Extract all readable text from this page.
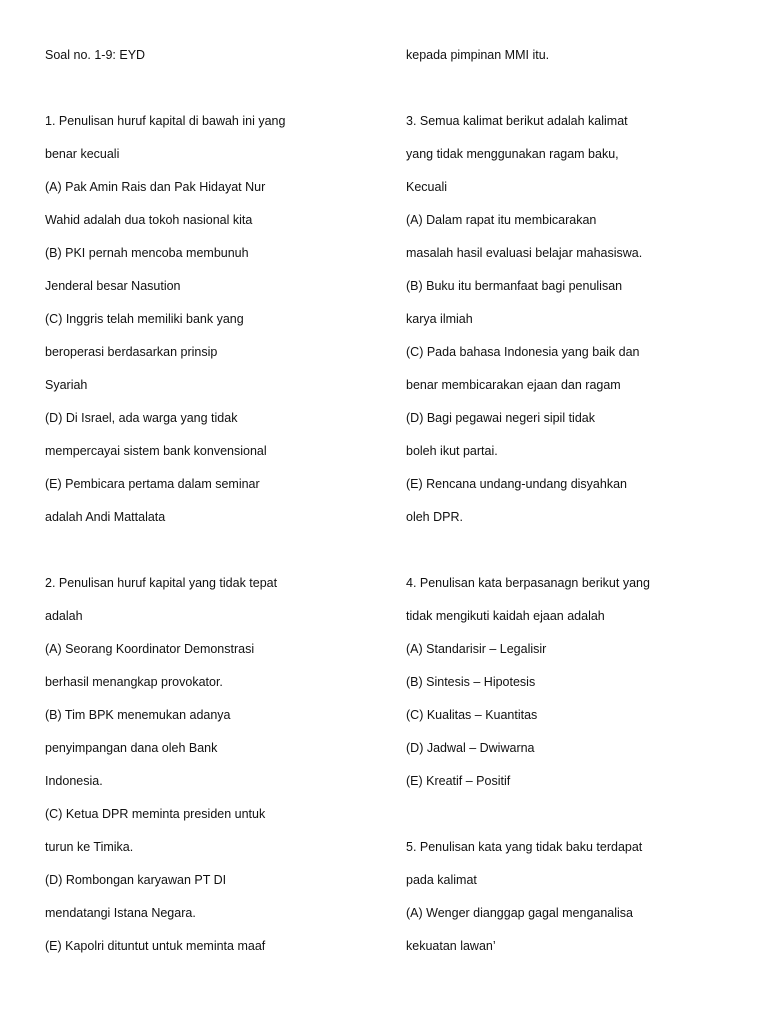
Soal no. 1-9: EYD
1. Penulisan huruf kapital di bawah ini yang
benar kecuali
(A) Pak Amin Rais dan Pak Hidayat Nur
Wahid adalah dua tokoh nasional kita
(B) PKI pernah mencoba membunuh
Jenderal besar Nasution
(C) Inggris telah memiliki bank yang
beroperasi berdasarkan prinsip
Syariah
(D) Di Israel, ada warga yang tidak
mempercayai sistem bank konvensional
(E) Pembicara pertama dalam seminar
adalah Andi Mattalata
2. Penulisan huruf kapital yang tidak tepat
adalah
(A) Seorang Koordinator Demonstrasi
berhasil menangkap provokator.
(B) Tim BPK menemukan adanya
penyimpangan dana oleh Bank
Indonesia.
(C) Ketua DPR meminta presiden untuk
turun ke Timika.
(D) Rombongan karyawan PT DI
mendatangi Istana Negara.
(E) Kapolri dituntut untuk meminta maaf
kepada pimpinan MMI itu.
3. Semua kalimat berikut adalah kalimat
yang tidak menggunakan ragam baku,
Kecuali
(A) Dalam rapat itu membicarakan
masalah hasil evaluasi belajar mahasiswa.
(B) Buku itu bermanfaat bagi penulisan
karya ilmiah
(C) Pada bahasa Indonesia yang baik dan
benar membicarakan ejaan dan ragam
(D) Bagi pegawai negeri sipil tidak
boleh ikut partai.
(E) Rencana undang-undang disyahkan
oleh DPR.
4. Penulisan kata berpasanagn berikut yang
tidak mengikuti kaidah ejaan adalah
(A) Standarisir – Legalisir
(B) Sintesis – Hipotesis
(C) Kualitas – Kuantitas
(D) Jadwal – Dwiwarna
(E) Kreatif – Positif
5. Penulisan kata yang tidak baku terdapat
pada kalimat
(A) Wenger dianggap gagal menganalisa
kekuatan lawan’
